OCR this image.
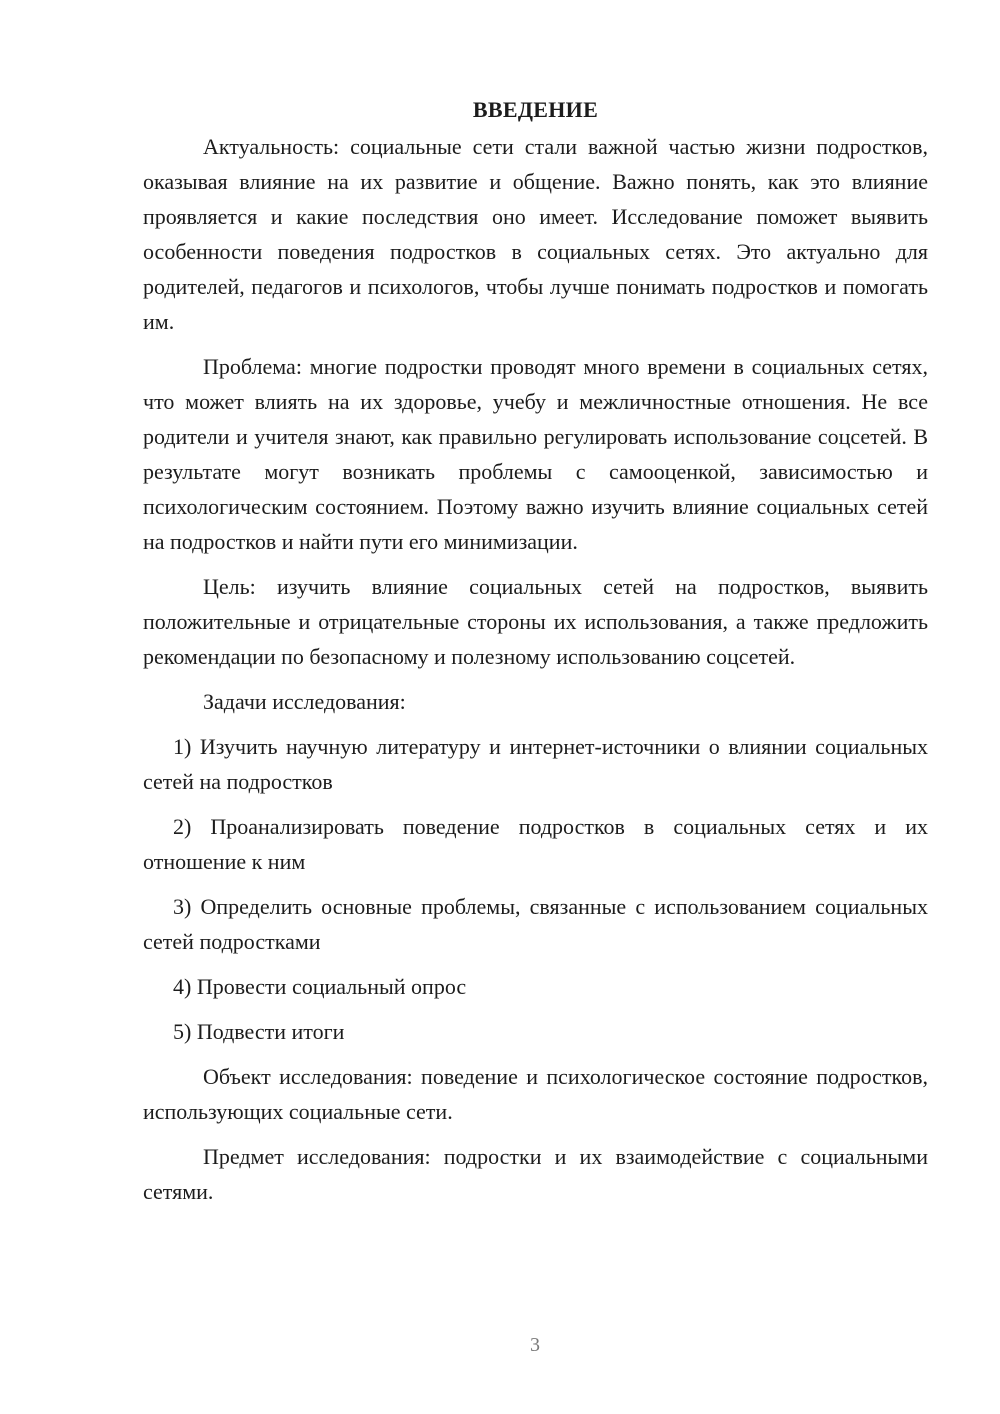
ВВЕДЕНИЕ

Актуальность: социальные сети стали важной частью жизни подростков, оказывая влияние на их развитие и общение. Важно понять, как это влияние проявляется и какие последствия оно имеет. Исследование поможет выявить особенности поведения подростков в социальных сетях. Это актуально для родителей, педагогов и психологов, чтобы лучше понимать подростков и помогать им.

Проблема: многие подростки проводят много времени в социальных сетях, что может влиять на их здоровье, учебу и межличностные отношения. Не все родители и учителя знают, как правильно регулировать использование соцсетей. В результате могут возникать проблемы с самооценкой, зависимостью и психологическим состоянием. Поэтому важно изучить влияние социальных сетей на подростков и найти пути его минимизации.

Цель: изучить влияние социальных сетей на подростков, выявить положительные и отрицательные стороны их использования, а также предложить рекомендации по безопасному и полезному использованию соцсетей.

Задачи исследования:

1) Изучить научную литературу и интернет-источники о влиянии социальных сетей на подростков

2) Проанализировать поведение подростков в социальных сетях и их отношение к ним

3) Определить основные проблемы, связанные с использованием социальных сетей подростками

4) Провести социальный опрос

5) Подвести итоги

Объект исследования: поведение и психологическое состояние подростков, использующих социальные сети.

Предмет исследования: подростки и их взаимодействие с социальными сетями.

3
